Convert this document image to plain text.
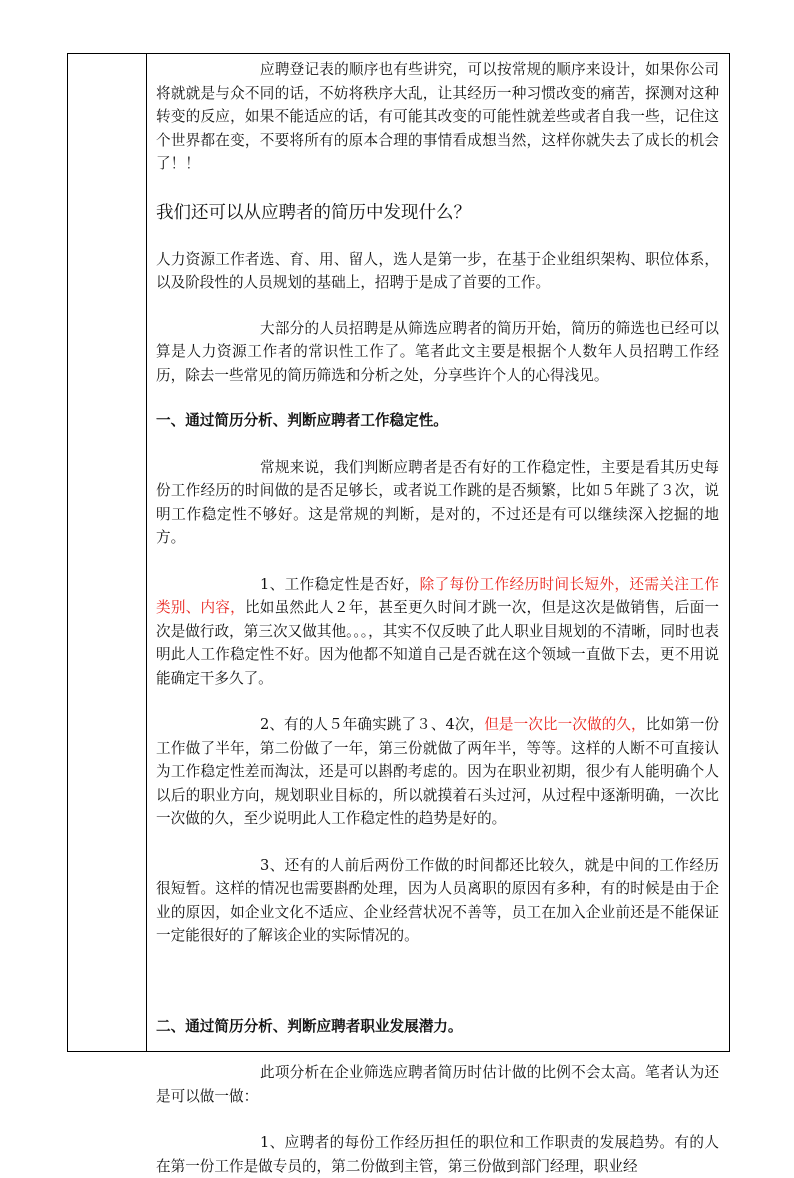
应聘登记表的顺序也有些讲究，可以按常规的顺序来设计，如果你公司将就就是与众不同的话，不妨将秩序大乱，让其经历一种习惯改变的痛苦，探测对这种转变的反应，如果不能适应的话，有可能其改变的可能性就差些或者自我一些，记住这个世界都在变，不要将所有的原本合理的事情看成想当然，这样你就失去了成长的机会了！！

我们还可以从应聘者的简历中发现什么？

人力资源工作者选、育、用、留人，选人是第一步，在基于企业组织架构、职位体系，以及阶段性的人员规划的基础上，招聘于是成了首要的工作。

大部分的人员招聘是从筛选应聘者的简历开始，简历的筛选也已经可以算是人力资源工作者的常识性工作了。笔者此文主要是根据个人数年人员招聘工作经历，除去一些常见的简历筛选和分析之处，分享些许个人的心得浅见。

一、通过简历分析、判断应聘者工作稳定性。

常规来说，我们判断应聘者是否有好的工作稳定性，主要是看其历史每份工作经历的时间做的是否足够长，或者说工作跳的是否频繁，比如５年跳了３次，说明工作稳定性不够好。这是常规的判断，是对的，不过还是有可以继续深入挖掘的地方。

1、工作稳定性是否好，除了每份工作经历时间长短外，还需关注工作类别、内容，比如虽然此人２年，甚至更久时间才跳一次，但是这次是做销售，后面一次是做行政，第三次又做其他。。。，其实不仅反映了此人职业目规划的不清晰，同时也表明此人工作稳定性不好。因为他都不知道自己是否就在这个领域一直做下去，更不用说能确定干多久了。

2、有的人５年确实跳了３、4次，但是一次比一次做的久，比如第一份工作做了半年，第二份做了一年，第三份就做了两年半，等等。这样的人断不可直接认为工作稳定性差而淘汰，还是可以斟酌考虑的。因为在职业初期，很少有人能明确个人以后的职业方向，规划职业目标的，所以就摸着石头过河，从过程中逐渐明确，一次比一次做的久，至少说明此人工作稳定性的趋势是好的。

3、还有的人前后两份工作做的时间都还比较久，就是中间的工作经历很短暂。这样的情况也需要斟酌处理，因为人员离职的原因有多种，有的时候是由于企业的原因，如企业文化不适应、企业经营状况不善等，员工在加入企业前还是不能保证一定能很好的了解该企业的实际情况的。

二、通过简历分析、判断应聘者职业发展潜力。

此项分析在企业筛选应聘者简历时估计做的比例不会太高。笔者认为还是可以做一做：

1、应聘者的每份工作经历担任的职位和工作职责的发展趋势。有的人在第一份工作是做专员的，第二份做到主管，第三份做到部门经理，职业经
